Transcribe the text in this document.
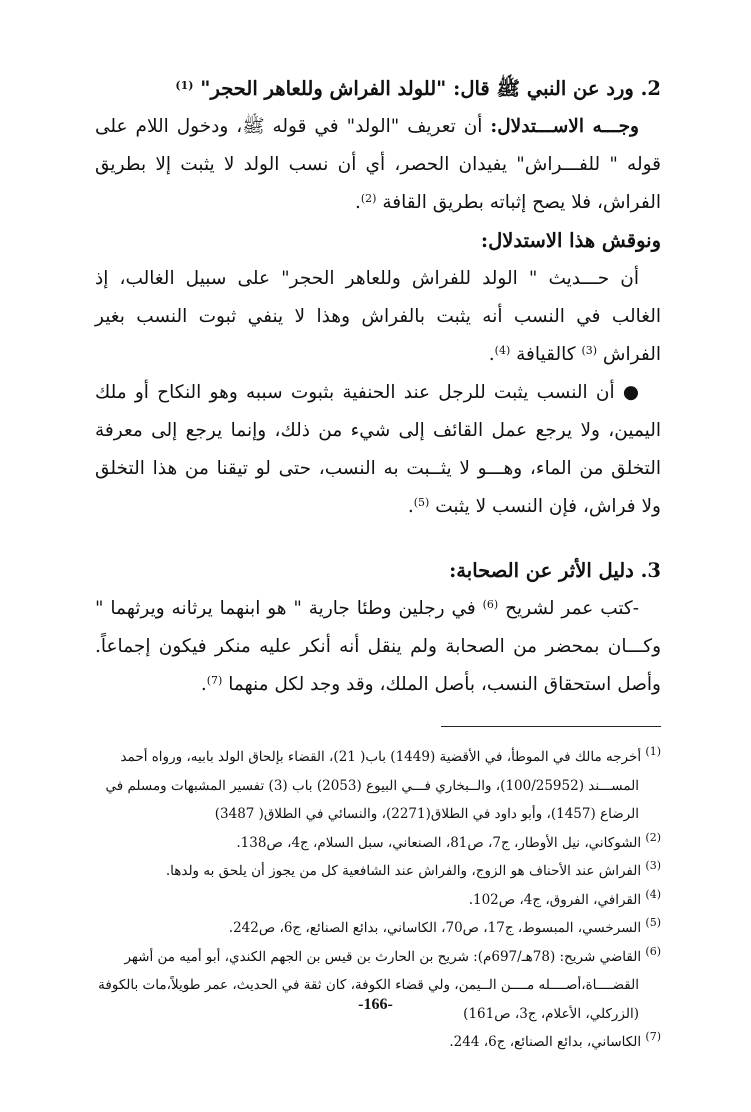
2. ورد عن النبي ﷺ قال: "للولد الفراش وللعاهر الحجر" $^{(1)}$

وجـــه الاســـتدلال: أن تعريف "الولد" في قوله ﷺ، ودخول اللام على قوله " للفـــراش" يفيدان الحصر، أي أن نسب الولد لا يثبت إلا بطريق الفراش، فلا يصح إثباته بطريق القافة $^{(2)}$.

ونوقش هذا الاستدلال:

أن حـــديث " الولد للفراش وللعاهر الحجر" على سبيل الغالب، إذ الغالب في النسب أنه يثبت بالفراش وهذا لا ينفي ثبوت النسب بغير الفراش $^{(3)}$ كالقيافة $^{(4)}$.

● أن النسب يثبت للرجل عند الحنفية بثبوت سببه وهو النكاح أو ملك اليمين، ولا يرجع عمل القائف إلى شيء من ذلك، وإنما يرجع إلى معرفة التخلق من الماء، وهـــو لا يثــبت به النسب، حتى لو تيقنا من هذا التخلق ولا فراش، فإن النسب لا يثبت $^{(5)}$.

3. دليل الأثر عن الصحابة:

-كتب عمر لشريح $^{(6)}$ في رجلين وطئا جارية " هو ابنهما يرثانه ويرثهما " وكـــان بمحضر من الصحابة ولم ينقل أنه أنكر عليه منكر فيكون إجماعاً. وأصل استحقاق النسب، بأصل الملك، وقد وجد لكل منهما $^{(7)}$.

$^{(1)}$ أخرجه مالك في الموطأ، في الأقضية (1449) باب( 21)، القضاء بإلحاق الولد بابيه، ورواه أحمد

المســـند (100/25952)، والــبخاري فـــي البيوع (2053) باب (3) تفسير المشبهات ومسلم في

الرضاع (1457)، وأبو داود في الطلاق(2271)، والنسائي في الطلاق( 3487)

$^{(2)}$ الشوكاني، نيل الأوطار، ج7، ص81، الصنعاني، سبل السلام، ج4، ص138.

$^{(3)}$ الفراش عند الأحناف هو الزوج، والفراش عند الشافعية كل من يجوز أن يلحق به ولدها.

$^{(4)}$ القرافي، الفروق، ج4، ص102.

$^{(5)}$ السرخسي، المبسوط، ج17، ص70، الكاساني، بدائع الصنائع، ج6، ص242.

$^{(6)}$ القاضي شريح: (78هـ/697م): شريح بن الحارث بن قيس بن الجهم الكندي، أبو أميه من أشهر

القضــــاة،أصــــله مــــن الــيمن، ولي قضاء الكوفة، كان ثقة في الحديث، عمر طويلاً،مات بالكوفة

(الزركلي، الأعلام، ج3، ص161)

$^{(7)}$ الكاساني، بدائع الصنائع، ج6، 244.

-166-
